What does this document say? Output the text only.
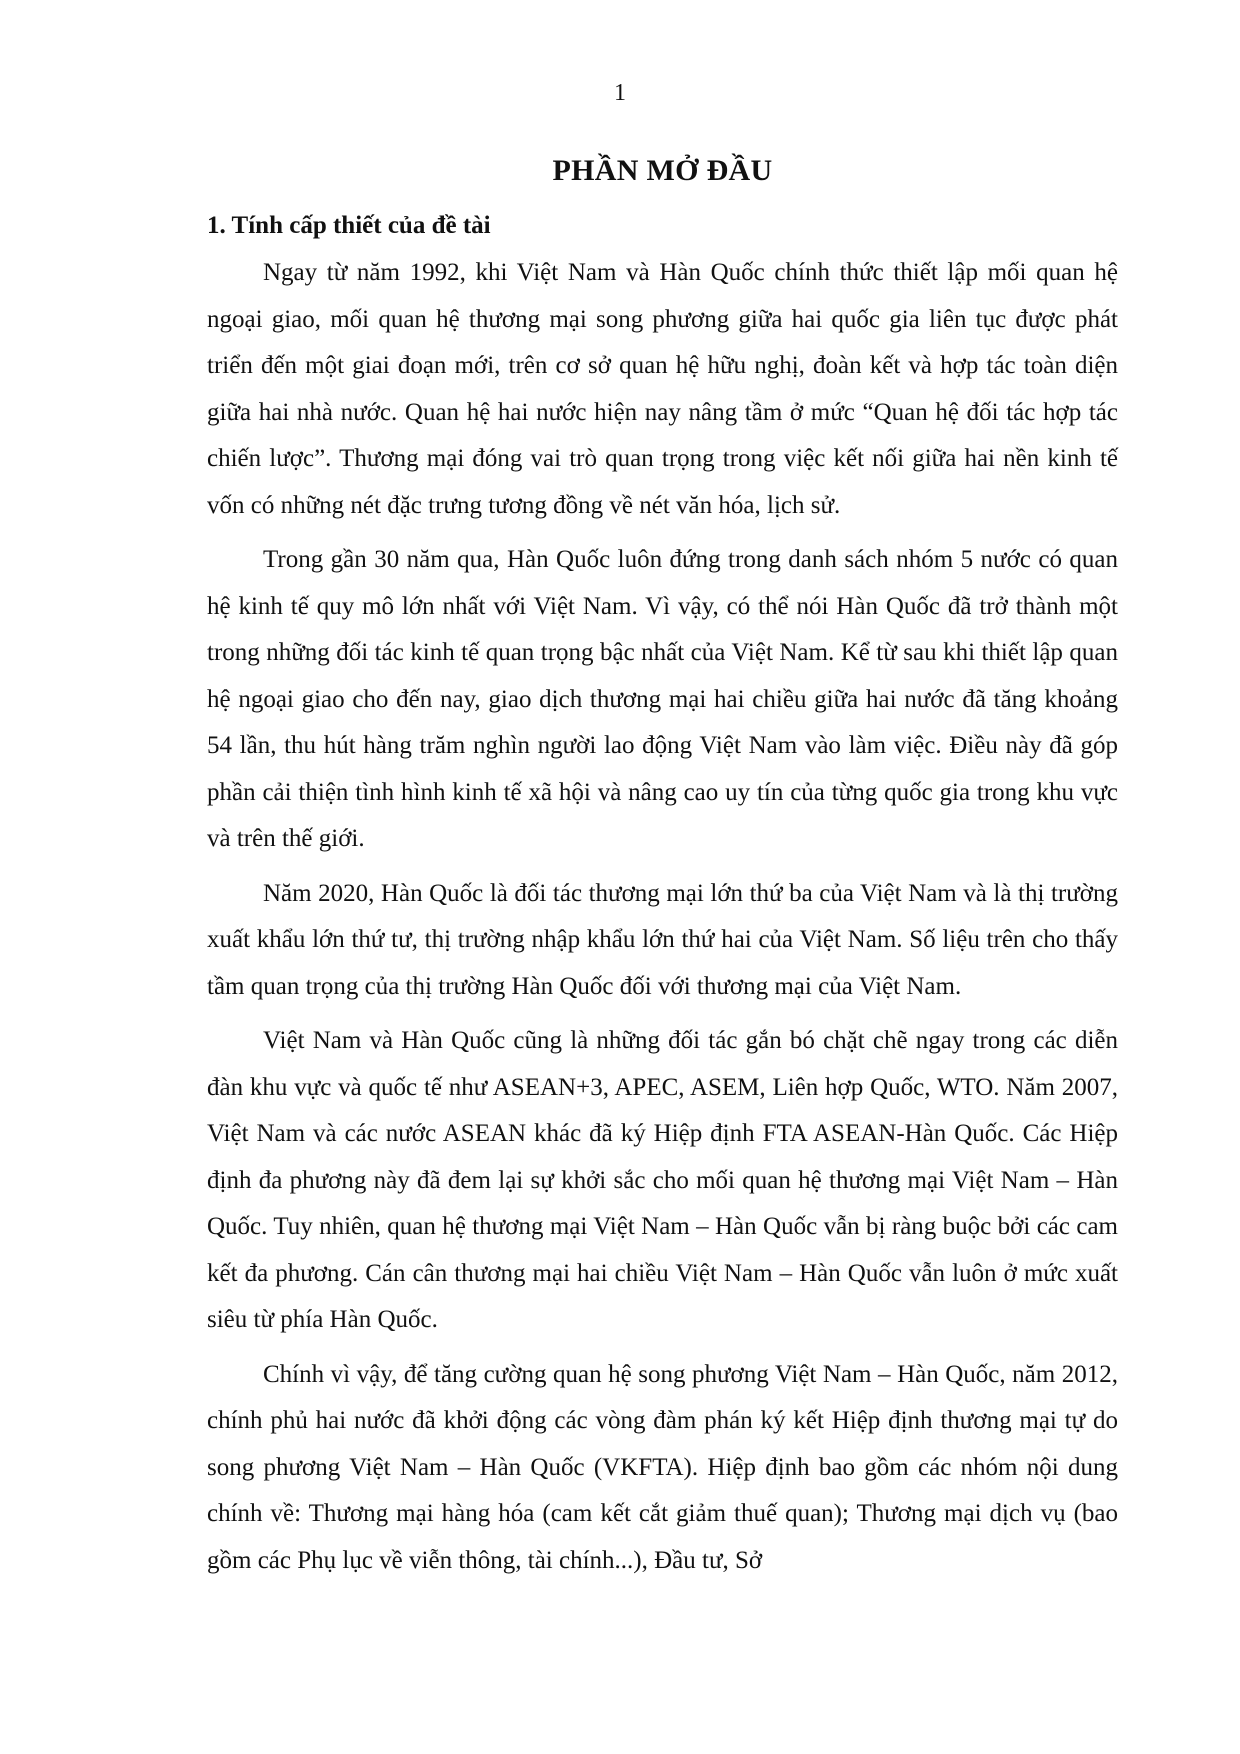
1
PHẦN MỞ ĐẦU
1. Tính cấp thiết của đề tài

Ngay từ năm 1992, khi Việt Nam và Hàn Quốc chính thức thiết lập mối quan hệ ngoại giao, mối quan hệ thương mại song phương giữa hai quốc gia liên tục được phát triển đến một giai đoạn mới, trên cơ sở quan hệ hữu nghị, đoàn kết và hợp tác toàn diện giữa hai nhà nước. Quan hệ hai nước hiện nay nâng tầm ở mức “Quan hệ đối tác hợp tác chiến lược”. Thương mại đóng vai trò quan trọng trong việc kết nối giữa hai nền kinh tế vốn có những nét đặc trưng tương đồng về nét văn hóa, lịch sử.

Trong gần 30 năm qua, Hàn Quốc luôn đứng trong danh sách nhóm 5 nước có quan hệ kinh tế quy mô lớn nhất với Việt Nam. Vì vậy, có thể nói Hàn Quốc đã trở thành một trong những đối tác kinh tế quan trọng bậc nhất của Việt Nam. Kể từ sau khi thiết lập quan hệ ngoại giao cho đến nay, giao dịch thương mại hai chiều giữa hai nước đã tăng khoảng 54 lần, thu hút hàng trăm nghìn người lao động Việt Nam vào làm việc. Điều này đã góp phần cải thiện tình hình kinh tế xã hội và nâng cao uy tín của từng quốc gia trong khu vực và trên thế giới.

Năm 2020, Hàn Quốc là đối tác thương mại lớn thứ ba của Việt Nam và là thị trường xuất khẩu lớn thứ tư, thị trường nhập khẩu lớn thứ hai của Việt Nam. Số liệu trên cho thấy tầm quan trọng của thị trường Hàn Quốc đối với thương mại của Việt Nam.

Việt Nam và Hàn Quốc cũng là những đối tác gắn bó chặt chẽ ngay trong các diễn đàn khu vực và quốc tế như ASEAN+3, APEC, ASEM, Liên hợp Quốc, WTO. Năm 2007, Việt Nam và các nước ASEAN khác đã ký Hiệp định FTA ASEAN-Hàn Quốc. Các Hiệp định đa phương này đã đem lại sự khởi sắc cho mối quan hệ thương mại Việt Nam – Hàn Quốc. Tuy nhiên, quan hệ thương mại Việt Nam – Hàn Quốc vẫn bị ràng buộc bởi các cam kết đa phương. Cán cân thương mại hai chiều Việt Nam – Hàn Quốc vẫn luôn ở mức xuất siêu từ phía Hàn Quốc.

Chính vì vậy, để tăng cường quan hệ song phương Việt Nam – Hàn Quốc, năm 2012, chính phủ hai nước đã khởi động các vòng đàm phán ký kết Hiệp định thương mại tự do song phương Việt Nam – Hàn Quốc (VKFTA). Hiệp định bao gồm các nhóm nội dung chính về: Thương mại hàng hóa (cam kết cắt giảm thuế quan); Thương mại dịch vụ (bao gồm các Phụ lục về viễn thông, tài chính...), Đầu tư, Sở
